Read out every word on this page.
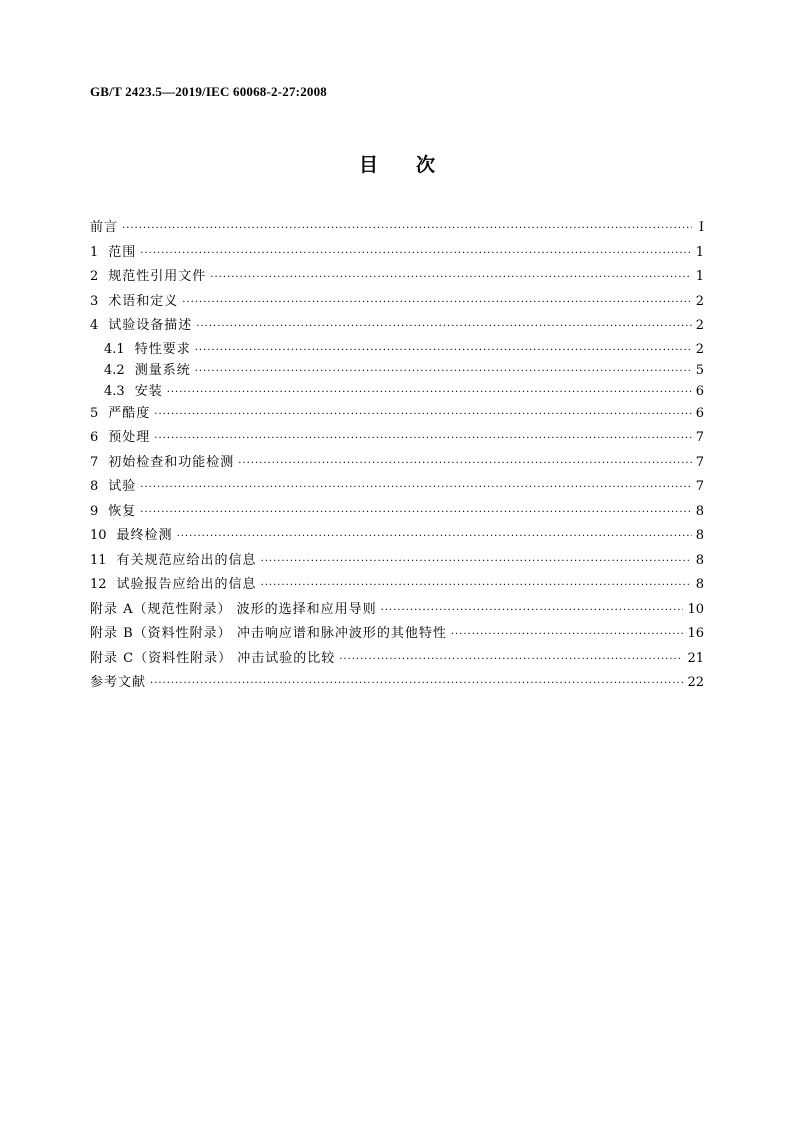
GB/T 2423.5—2019/IEC 60068-2-27:2008
目次
前言 ·····	I
1 范围 ·····	1
2 规范性引用文件 ·····	1
3 术语和定义 ·····	2
4 试验设备描述 ·····	2
4.1 特性要求 ·····	2
4.2 测量系统 ·····	5
4.3 安装 ·····	6
5 严酷度 ·····	6
6 预处理 ·····	7
7 初始检查和功能检测 ·····	7
8 试验 ·····	7
9 恢复 ·····	8
10 最终检测 ·····	8
11 有关规范应给出的信息 ·····	8
12 试验报告应给出的信息 ·····	8
附录 A（规范性附录） 波形的选择和应用导则 ·····	10
附录 B（资料性附录） 冲击响应谱和脉冲波形的其他特性 ·····	16
附录 C（资料性附录） 冲击试验的比较 ·····	21
参考文献 ·····	22
